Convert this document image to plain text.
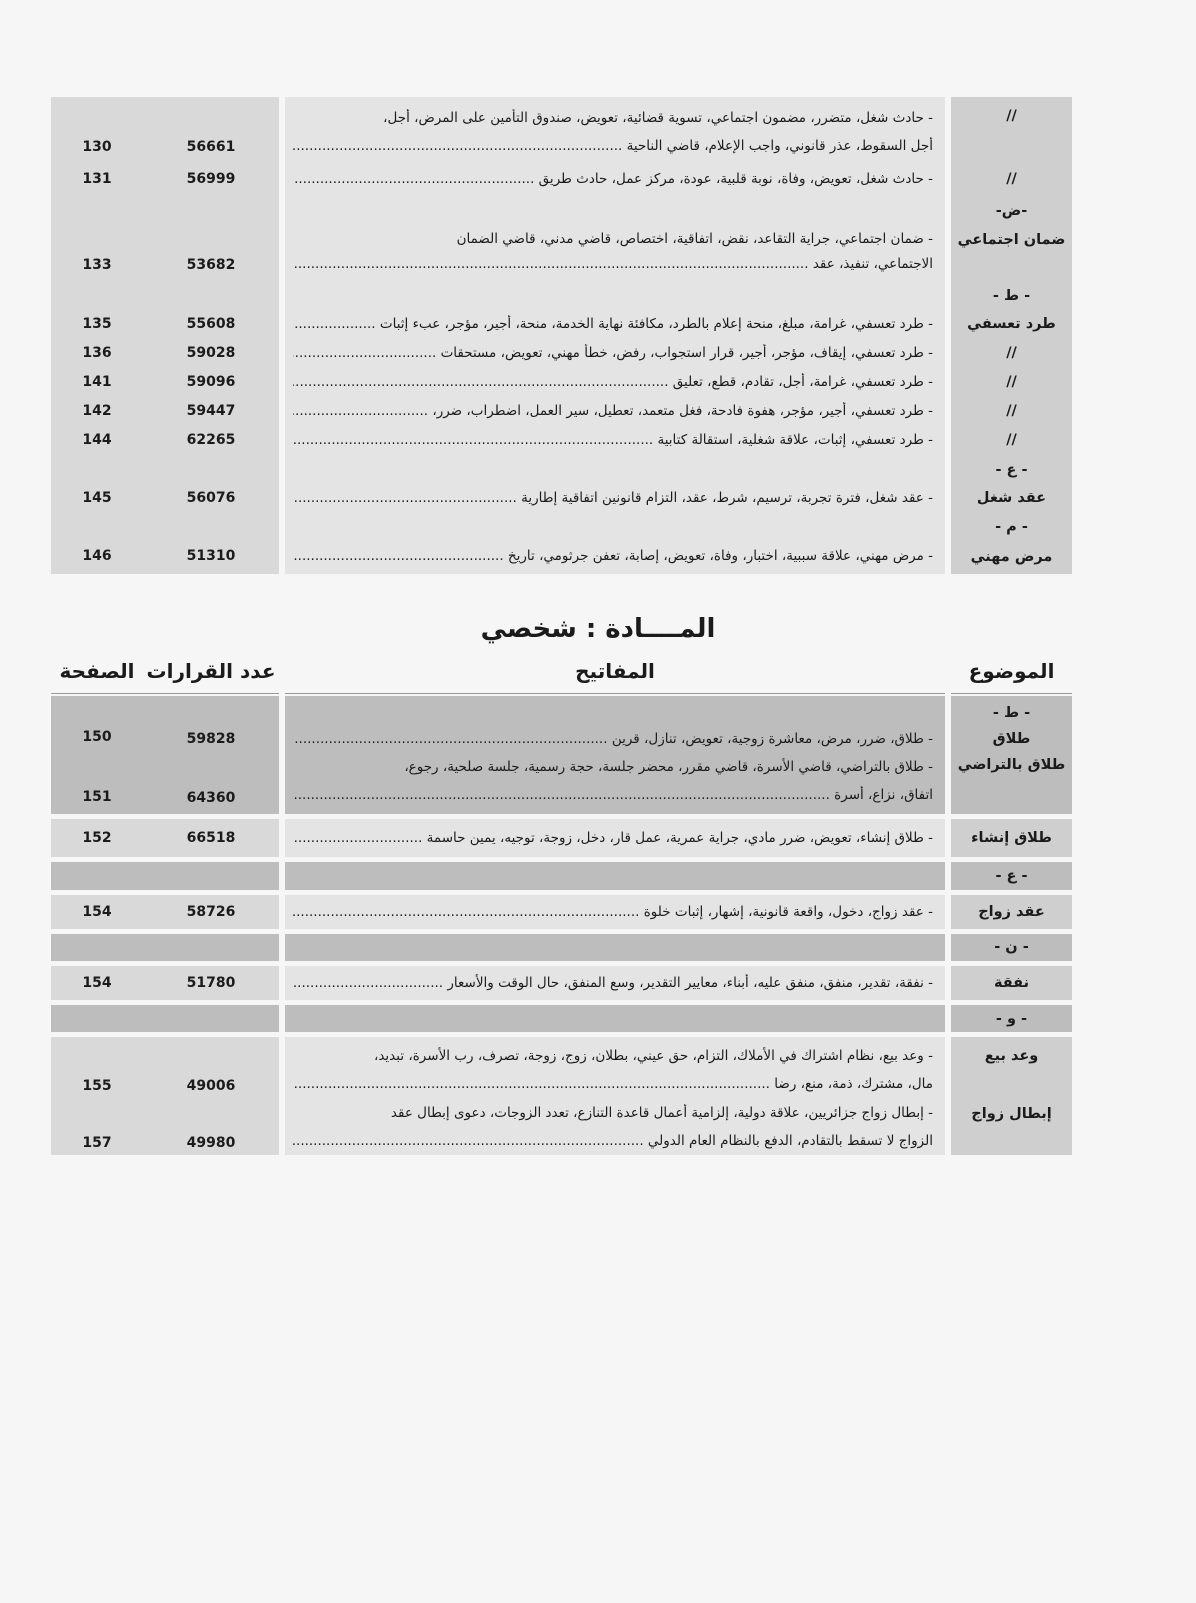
//
- حادث شغل، متضرر، مضمون اجتماعي، تسوية قضائية، تعويض، صندوق التأمين على المرض، أجل،
أجل السقوط، عذر قانوني، واجب الإعلام، قاضي الناحية .....
56661
130
//
- حادث شغل، تعويض، وفاة، نوبة قلبية، عودة، مركز عمل، حادث طريق .....
56999
131
-ض-
ضمان اجتماعي
- ضمان اجتماعي، جراية التقاعد، نقض، اتفاقية، اختصاص، قاضي مدني، قاضي الضمان
الاجتماعي، تنفيذ، عقد .....
53682
133
- ط -
طرد تعسفي
- طرد تعسفي، غرامة، مبلغ، منحة إعلام بالطرد، مكافئة نهاية الخدمة، منحة، أجير، مؤجر، عبء إثبات .....
55608
135
//
- طرد تعسفي، إيقاف، مؤجر، أجير، قرار استجواب، رفض، خطأ مهني، تعويض، مستحقات .....
59028
136
//
- طرد تعسفي، غرامة، أجل، تقادم، قطع، تعليق .....
59096
141
//
- طرد تعسفي، أجير، مؤجر، هفوة فادحة، فغل متعمد، تعطيل، سير العمل، اضطراب، ضرر، .....
59447
142
//
- طرد تعسفي، إثبات، علاقة شغلية، استقالة كتابية .....
62265
144
- ع -
عقد شغل
- عقد شغل، فترة تجربة، ترسيم، شرط، عقد، التزام قانونين اتفاقية إطارية .....
56076
145
- م -
مرض مهني
- مرض مهني، علاقة سببية، اختبار، وفاة، تعويض، إصابة، تعفن جرثومي، تاريخ .....
51310
146
المــــادة : شخصي
الموضوع
المفاتيح
عدد القرارات
الصفحة
- ط -
طلاق
طلاق بالتراضي
- طلاق، ضرر، مرض، معاشرة زوجية، تعويض، تنازل، قرين .....
- طلاق بالتراضي، قاضي الأسرة، قاضي مقرر، محضر جلسة، حجة رسمية، جلسة صلحية، رجوع،
اتفاق، نزاع، أسرة .....
59828
64360
150
151
طلاق إنشاء
- طلاق إنشاء، تعويض، ضرر مادي، جراية عمرية، عمل قار، دخل، زوجة، توجيه، يمين حاسمة .....
66518
152
- ع -
عقد زواج
- عقد زواج، دخول، واقعة قانونية، إشهار، إثبات خلوة .....
58726
154
- ن -
نفقة
- نفقة، تقدير، منفق، منفق عليه، أبناء، معايير التقدير، وسع المنفق، حال الوقت والأسعار .....
51780
154
- و -
وعد بيع
إبطال زواج
- وعد بيع، نظام اشتراك في الأملاك، التزام، حق عيني، بطلان، زوج، زوجة، تصرف، رب الأسرة، تبديد،
مال، مشترك، ذمة، منع، رضا .....
- إبطال زواج جزائريين، علاقة دولية، إلزامية أعمال قاعدة التنازع، تعدد الزوجات، دعوى إبطال عقد
الزواج لا تسقط بالتقادم، الدفع بالنظام العام الدولي .....
49006
49980
155
157
